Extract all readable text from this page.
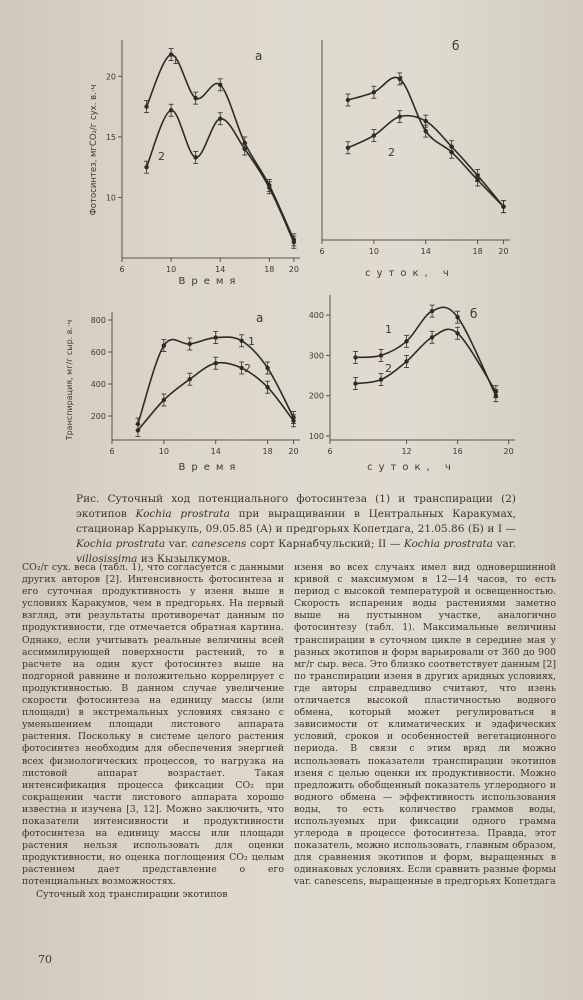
Фотосинтез, мгCO₂/г сух. в.·ч
а
Время
6	10	14	18 20
20
15
10
1
2
б
суток, ч
6	10	14	18 20
1
2
Транспирация, мг/г сыр. в.·ч
а
Время
6	10	14	18 20
800
600
400
200
1
2
б
суток, ч
6	12	16	20
400
300
200
100
1
2
Рис. Суточный ход потенциального фотосинтеза (1) и транспирации (2) экотипов Kochia prostrata при выращивании в Центральных Каракумах, стационар Каррыкуль, 09.05.85 (А) и предгорьях Копетдага, 21.05.86 (Б) и I — Kochia prostrata var. canescens сорт Карнабчульский; II — Kochia prostrata var. villosissima из Кызылкумов.

CO₂/г сух. веса (табл. 1), что согласуется с данными других авторов [2]. Интенсивность фотосинтеза и его суточная продуктивность у изеня выше в условиях Каракумов, чем в предгорьях. На первый взгляд, эти результаты противоречат данным по продуктивности, где отмечается обратная картина. Однако, если учитывать реальные величины всей ассимилирующей поверхности растений, то в расчете на один куст фотосинтез выше на подгорной равнине и положительно коррелирует с продуктивностью. В данном случае увеличение скорости фотосинтеза на единицу массы (или площади) в экстремальных условиях связано с уменьшением площади листового аппарата растения. Поскольку в системе целого растения фотосинтез необходим для обеспечения энергией всех физиологических процессов, то нагрузка на листовой аппарат возрастает. Такая интенсификация процесса фиксации CO₂ при сокращении части листового аппарата хорошо известна и изучена [3, 12]. Можно заключить, что показатели интенсивности и продуктивности фотосинтеза на единицу массы или площади растения нельзя использовать для оценки продуктивности, но оценка поглощения CO₂ целым растением дает представление о его потенциальных возможностях.

Суточный ход транспирации экотипов

изеня во всех случаях имел вид одновершинной кривой с максимумом в 12—14 часов, то есть период с высокой температурой и освещенностью. Скорость испарения воды растениями заметно выше на пустынном участке, аналогично фотосинтезу (табл. 1). Максимальные величины транспирации в суточном цикле в середине мая у разных экотипов и форм варьировали от 360 до 900 мг/г сыр. веса. Это близко соответствует данным [2] по транспирации изеня в других аридных условиях, где авторы справедливо считают, что изень отличается высокой пластичностью водного обмена, который может регулироваться в зависимости от климатических и эдафических условий, сроков и особенностей вегетационного периода. В связи с этим вряд ли можно использовать показатели транспирации экотипов изеня с целью оценки их продуктивности. Можно предложить обобщенный показатель углеродного и водного обмена — эффективность использования воды, то есть количество граммов воды, используемых при фиксации одного грамма углерода в процессе фотосинтеза. Правда, этот показатель, можно использовать, главным образом, для сравнения экотипов и форм, выращенных в одинаковых условиях. Если сравнить разные формы var. canescens, выращенные в предгорьях Копетдага

70
